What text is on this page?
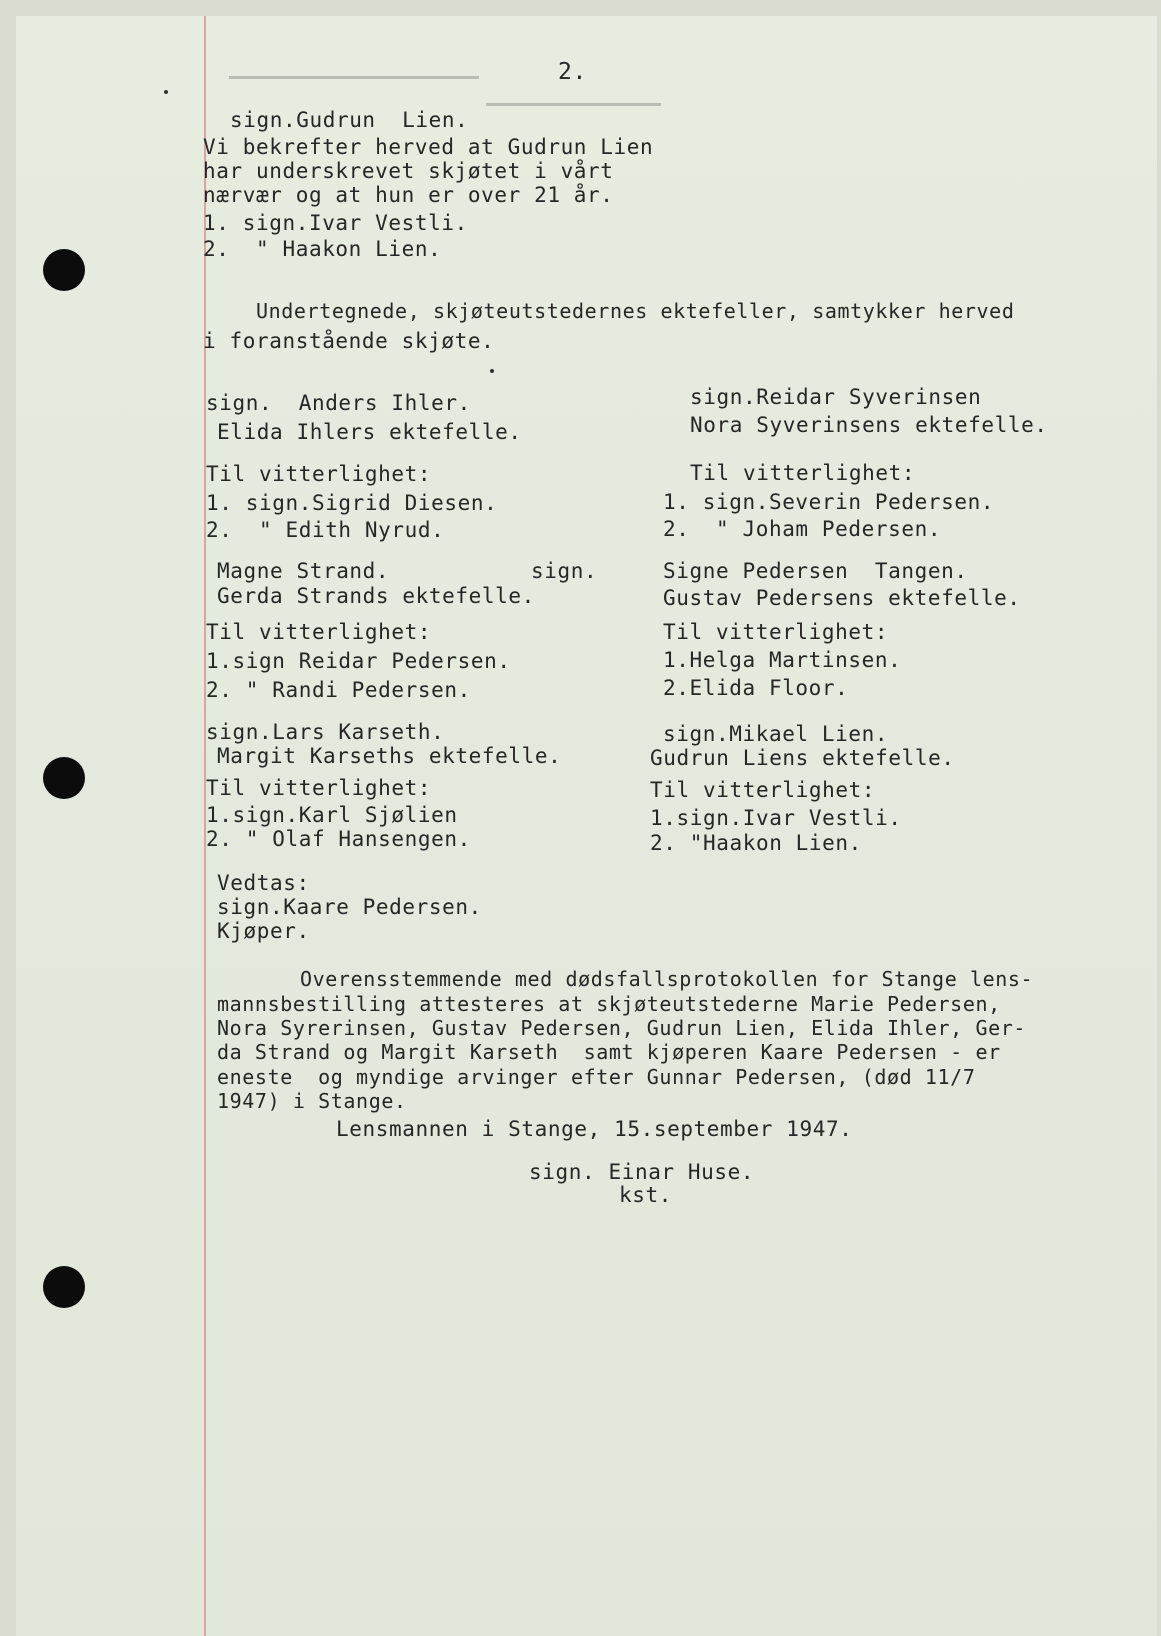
2.
sign.Gudrun  Lien.
Vi bekrefter herved at Gudrun Lien
har underskrevet skjøtet i vårt
nærvær og at hun er over 21 år.
1. sign.Ivar Vestli.
2.  " Haakon Lien.
Undertegnede, skjøteutstedernes ektefeller, samtykker herved
i foranstående skjøte.
sign.  Anders Ihler.
Elida Ihlers ektefelle.
Til vitterlighet:
1. sign.Sigrid Diesen.
2.  " Edith Nyrud.
sign.Reidar Syverinsen
Nora Syverinsens ektefelle.
Til vitterlighet:
1. sign.Severin Pedersen.
2.  " Joham Pedersen.
Magne Strand.	sign.
Gerda Strands ektefelle.
Til vitterlighet:
1.sign Reidar Pedersen.
2. " Randi Pedersen.
Signe Pedersen  Tangen.
Gustav Pedersens ektefelle.
Til vitterlighet:
1.Helga Martinsen.
2.Elida Floor.
sign.Lars Karseth.
Margit Karseths ektefelle.
Til vitterlighet:
1.sign.Karl Sjølien
2. " Olaf Hansengen.
sign.Mikael Lien.
Gudrun Liens ektefelle.
Til vitterlighet:
1.sign.Ivar Vestli.
2. "Haakon Lien.
Vedtas:
sign.Kaare Pedersen.
Kjøper.
Overensstemmende med dødsfallsprotokollen for Stange lens-
mannsbestilling attesteres at skjøteutstederne Marie Pedersen,
Nora Syrerinsen, Gustav Pedersen, Gudrun Lien, Elida Ihler, Ger-
da Strand og Margit Karseth  samt kjøperen Kaare Pedersen - er
eneste  og myndige arvinger efter Gunnar Pedersen, (død 11/7
1947) i Stange.
Lensmannen i Stange, 15.september 1947.
sign. Einar Huse.
kst.
